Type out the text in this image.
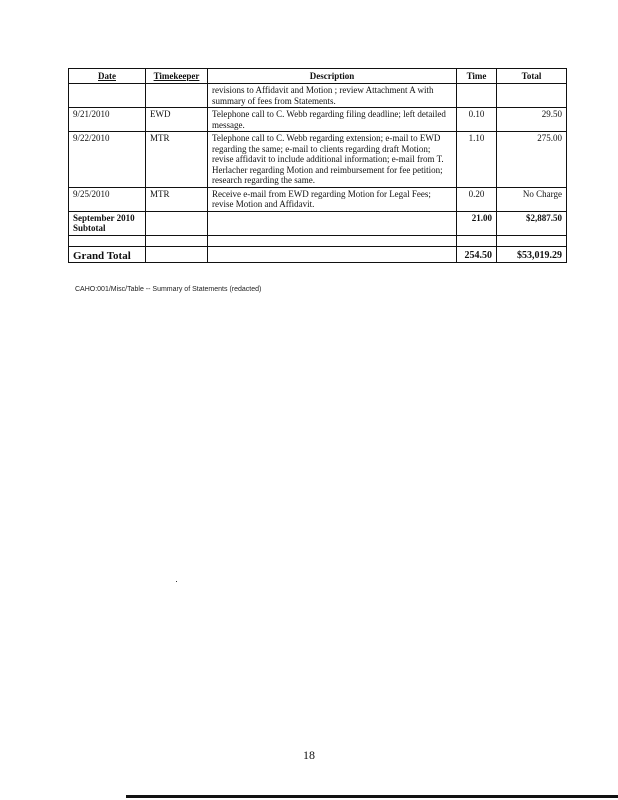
Date	Timekeeper	Description	Time	Total
		revisions to Affidavit and Motion ; review Attachment A with summary of fees from Statements.		
9/21/2010	EWD	Telephone call to C. Webb regarding filing deadline; left detailed message.	0.10	29.50
9/22/2010	MTR	Telephone call to C. Webb regarding extension; e-mail to EWD regarding the same; e-mail to clients regarding draft Motion; revise affidavit to include additional information; e-mail from T. Herlacher regarding Motion and reimbursement for fee petition; research regarding the same.	1.10	275.00
9/25/2010	MTR	Receive e-mail from EWD regarding Motion for Legal Fees; revise Motion and Affidavit.	0.20	No Charge
September 2010 Subtotal			21.00	$2,887.50

Grand Total			254.50	$53,019.29
CAHO:001/Misc/Table -- Summary of Statements (redacted)
18
